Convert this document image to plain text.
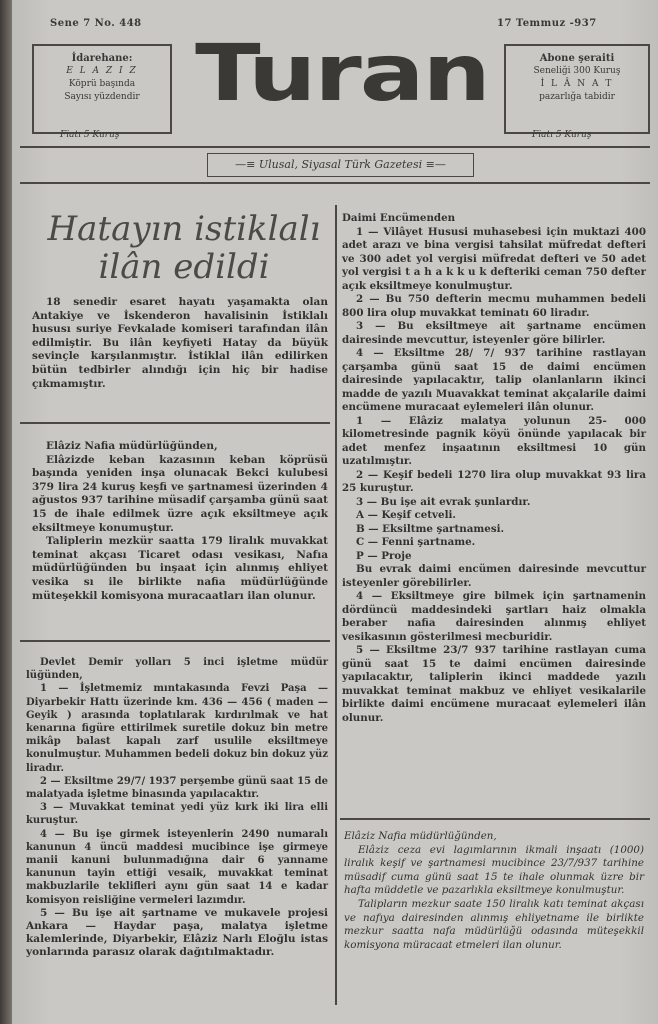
Sene 7 No. 448	17 Temmuz -937
İdarehane:
E L A Z I Z
Köprü başında
Sayısı yüzdendir
Fiatı 5 Kuruş
Turan	Abone şeraiti
Seneliği 300 Kuruş
İ L Â N A T
pazarlığa tabidir
Fiatı 5 Kuruş
—≡ Ulusal, Siyasal Türk Gazetesi ≡—
Hatayın istiklalı
ilân edildi

18 senedir esaret hayatı yaşamakta olan Antakiye ve İskenderon havalisinin İstiklalı hususı suriye Fevkalade komiseri tarafından ilân edilmiştir. Bu ilân keyfiyeti Hatay da büyük sevinçle karşılanmıştır. İstiklal ilân edilirken bütün tedbirler alındığı için hiç bir hadise çıkmamıştır.

Elâziz Nafia müdürlüğünden,

Elâzizde keban kazasının keban köprüsü başında yeniden inşa olunacak Bekci kulubesi 379 lira 24 kuruş keşfi ve şartnamesi üzerinden 4 ağustos 937 tarihine müsadif çarşamba günü saat 15 de ihale edilmek üzre açık eksiltmeye açık eksiltmeye konumuştur.

Taliplerin mezkür saatta 179 liralık muvakkat teminat akçası Ticaret odası vesikası, Nafıa müdürlüğünden bu inşaat için alınmış ehliyet vesika sı ile birlikte nafia müdürlüğünde müteşekkil komisyona muracaatları ilan olunur.

Devlet Demir yolları 5 inci işletme müdür lüğünden,

1 — İşletmemiz mıntakasında Fevzi Paşa — Diyarbekir Hattı üzerinde km. 436 — 456 ( maden — Geyik ) arasında toplatılarak kırdırılmak ve hat kenarına figüre ettirilmek suretile dokuz bin metre mikâp balast kapalı zarf usulile eksiltmeye konulmuştur. Muhammen bedeli dokuz bin dokuz yüz liradır.

2 — Eksiltme 29/7/ 1937 perşembe günü saat 15 de malatyada işletme binasında yapılacaktır.

3 — Muvakkat teminat yedi yüz kırk iki lira elli kuruştur.

4 — Bu işe girmek isteyenlerin 2490 numaralı kanunun 4 üncü maddesi mucibince işe girmeye manii kanuni bulunmadığına dair 6 yanname kanunun tayin ettiği vesaik, muvakkat teminat makbuzlarile teklifleri aynı gün saat 14 e kadar komisyon reisliğine vermeleri lazımdır.

5 — Bu işe ait şartname ve mukavele projesi Ankara — Haydar paşa, malatya işletme kalemlerinde, Diyarbekir, Elâziz Narlı Eloğlu istas yonlarında parasız olarak dağıtılmaktadır.

Daimi Encümenden

1 — Vilâyet Hususi muhasebesi için muktazi 400 adet arazı ve bina vergisi tahsilat müfredat defteri ve 300 adet yol vergisi müfredat defteri ve 50 adet yol vergisi t a h a k k u k defteriki ceman 750 defter açık eksiltmeye konulmuştur.

2 — Bu 750 defterin mecmu muhammen bedeli 800 lira olup muvakkat teminatı 60 liradır.

3 — Bu eksiltmeye ait şartname encümen dairesinde mevcuttur, isteyenler göre bilirler.

4 — Eksiltme 28/ 7/ 937 tarihine rastlayan çarşamba günü saat 15 de daimi encümen dairesinde yapılacaktır, talip olanlanların ikinci madde de yazılı Muavakkat teminat akçalarile daimi encümene muracaat eylemeleri ilân olunur.

1 — Elâziz malatya yolunun 25- 000 kilometresinde pagnik köyü önünde yapılacak bir adet menfez inşaatının eksiltmesi 10 gün uzatılmıştır.

2 — Keşif bedeli 1270 lira olup muvakkat 93 lira 25 kuruştur.

3 — Bu işe ait evrak şunlardır.

A — Keşif cetveli.

B — Eksiltme şartnamesi.

C — Fenni şartname.

P — Proje

Bu evrak daimi encümen dairesinde mevcuttur isteyenler görebilirler.

4 — Eksiltmeye gire bilmek için şartnamenin dördüncü maddesindeki şartları haiz olmakla beraber nafia dairesinden alınmış ehliyet vesikasının gösterilmesi mecburidir.

5 — Eksiltme 23/7 937 tarihine rastlayan cuma günü saat 15 te daimi encümen dairesinde yapılacaktır, taliplerin ikinci maddede yazılı muvakkat teminat makbuz ve ehliyet vesikalarile birlikte daimi encümene muracaat eylemeleri ilân olunur.

Elâziz Nafia müdürlüğünden,

Elâziz ceza evi lagımlarının ikmali inşaatı (1000) liralık keşif ve şartnamesi mucibince 23/7/937 tarihine müsadif cuma günü saat 15 te ihale olunmak üzre bir hafta müddetle ve pazarlıkla eksiltmeye konulmuştur.

Talipların mezkur saate 150 liralık katı teminat akçası ve nafıya dairesinden alınmış ehliyetname ile birlikte mezkur saatta nafa müdürlüğü odasında müteşekkil komisyona müracaat etmeleri ilan olunur.
